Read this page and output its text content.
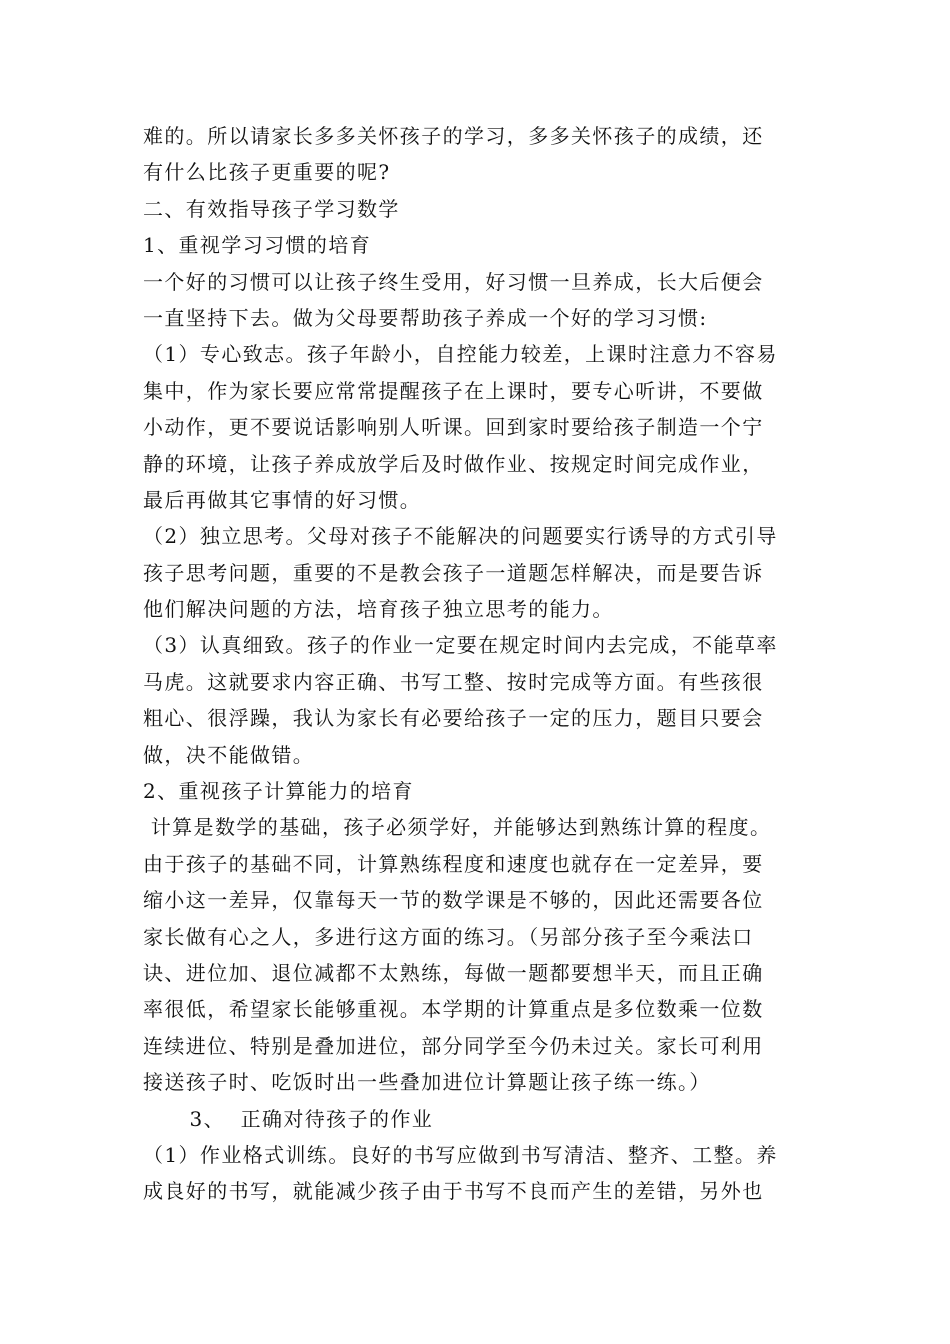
难的。所以请家长多多关怀孩子的学习，多多关怀孩子的成绩，还
有什么比孩子更重要的呢?
二、有效指导孩子学习数学
1、重视学习习惯的培育
一个好的习惯可以让孩子终生受用，好习惯一旦养成，长大后便会
一直坚持下去。做为父母要帮助孩子养成一个好的学习习惯:
（1）专心致志。孩子年龄小，自控能力较差，上课时注意力不容易
集中，作为家长要应常常提醒孩子在上课时，要专心听讲，不要做
小动作，更不要说话影响别人听课。回到家时要给孩子制造一个宁
静的环境，让孩子养成放学后及时做作业、按规定时间完成作业，
最后再做其它事情的好习惯。
（2）独立思考。父母对孩子不能解决的问题要实行诱导的方式引导
孩子思考问题，重要的不是教会孩子一道题怎样解决，而是要告诉
他们解决问题的方法，培育孩子独立思考的能力。
（3）认真细致。孩子的作业一定要在规定时间内去完成，不能草率
马虎。这就要求内容正确、书写工整、按时完成等方面。有些孩很
粗心、很浮躁，我认为家长有必要给孩子一定的压力，题目只要会
做，决不能做错。
2、重视孩子计算能力的培育
计算是数学的基础，孩子必须学好，并能够达到熟练计算的程度。
由于孩子的基础不同，计算熟练程度和速度也就存在一定差异，要
缩小这一差异，仅靠每天一节的数学课是不够的，因此还需要各位
家长做有心之人，多进行这方面的练习。（另部分孩子至今乘法口
诀、进位加、退位减都不太熟练，每做一题都要想半天，而且正确
率很低，希望家长能够重视。本学期的计算重点是多位数乘一位数
连续进位、特别是叠加进位，部分同学至今仍未过关。家长可利用
接送孩子时、吃饭时出一些叠加进位计算题让孩子练一练。）
3、  正确对待孩子的作业
（1）作业格式训练。良好的书写应做到书写清洁、整齐、工整。养
成良好的书写，就能减少孩子由于书写不良而产生的差错，另外也
